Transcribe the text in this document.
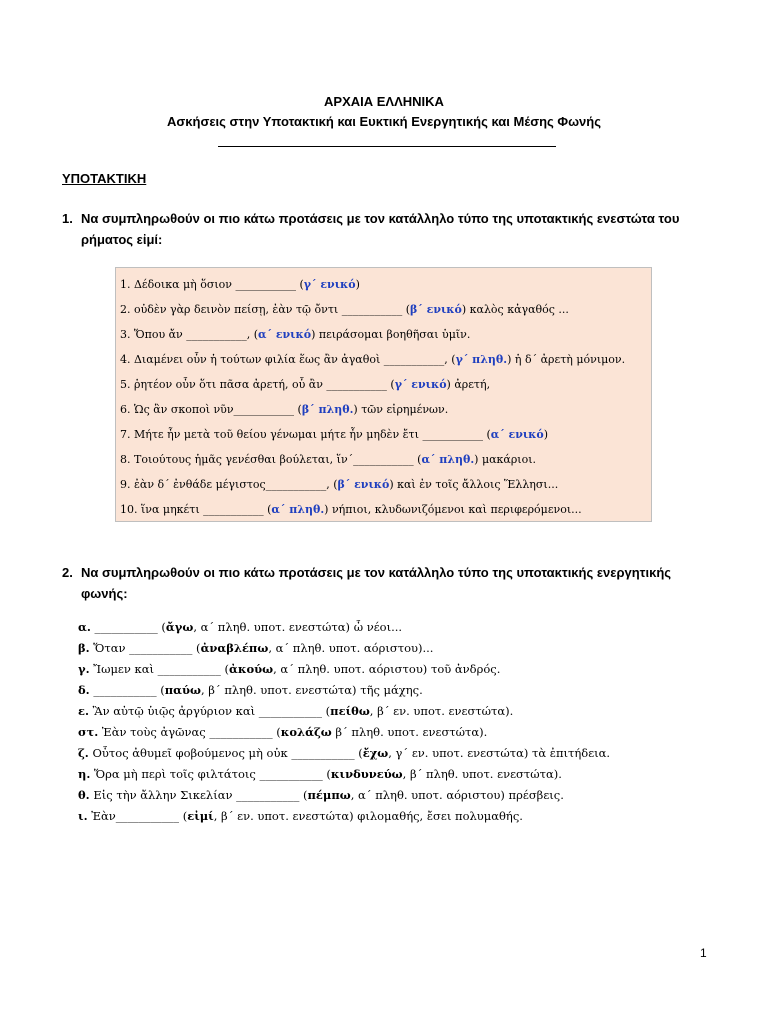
ΑΡΧΑΙΑ ΕΛΛΗΝΙΚΑ
Ασκήσεις στην Υποτακτική και Ευκτική Ενεργητικής και Μέσης Φωνής
ΥΠΟΤΑΚΤΙΚΗ
1. Να συμπληρωθούν οι πιο κάτω προτάσεις με τον κατάλληλο τύπο της υποτακτικής ενεστώτα του ρήματος εἰμί:
1. Δέδοικα μὴ ὅσιον ___________ (γ΄ ενικό)
2. οὐδὲν γὰρ δεινὸν πείσῃ, ἐὰν τῷ ὄντι ___________ (β΄ ενικό) καλὸς κἀγαθός ...
3. Ὅπου ἄν ___________, (α΄ ενικό) πειράσομαι βοηθῆσαι ὑμῖν.
4. Διαμένει οὖν ἡ τούτων φιλία ἕως ἂν ἀγαθοὶ ___________, (γ΄ πληθ.) ἡ δ΄ ἀρετὴ μόνιμον.
5. ῥητέον οὖν ὅτι πᾶσα ἀρετή, οὗ ἂν ___________ (γ΄ ενικό) ἀρετή,
6. Ὡς ἂν σκοποὶ νῦν___________ (β΄ πληθ.) τῶν εἰρημένων.
7. Μήτε ἦν μετὰ τοῦ θείου γένωμαι μήτε ἦν μηδὲν ἔτι ___________ (α΄ ενικό)
8. Τοιούτους ἡμᾶς γενέσθαι βούλεται, ἵν΄___________ (α΄ πληθ.) μακάριοι.
9. ἐὰν δ΄ ἐνθάδε μέγιστος___________, (β΄ ενικό) καὶ ἐν τοῖς ἄλλοις Ἕλλησι...
10. ἵνα μηκέτι ___________ (α΄ πληθ.) νήπιοι, κλυδωνιζόμενοι καὶ περιφερόμενοι...
2. Να συμπληρωθούν οι πιο κάτω προτάσεις με τον κατάλληλο τύπο της υποτακτικής ενεργητικής φωνής:
α. ___________ (ἄγω, α΄ πληθ. υποτ. ενεστώτα) ὦ νέοι...
β. Ὅταν ___________ (ἀναβλέπω, α΄ πληθ. υποτ. αόριστου)...
γ. Ἴωμεν καὶ ___________ (ἀκούω, α΄ πληθ. υποτ. αόριστου) τοῦ ἀνδρός.
δ. ___________ (παύω, β΄ πληθ. υποτ. ενεστώτα) τῆς μάχης.
ε. Ἂν αὐτῷ ὑιῷς ἀργύριον καὶ ___________ (πείθω, β΄ εν. υποτ. ενεστώτα).
στ. Ἐὰν τοὺς ἀγῶνας ___________ (κολάζω β΄ πληθ. υποτ. ενεστώτα).
ζ. Οὗτος ἀθυμεῖ φοβούμενος μὴ οὐκ ___________ (ἔχω, γ΄ εν. υποτ. ενεστώτα) τὰ ἐπιτήδεια.
η. Ὅρα μὴ περὶ τοῖς φιλτάτοις ___________ (κινδυνεύω, β΄ πληθ. υποτ. ενεστώτα).
θ. Εἰς τὴν ἄλλην Σικελίαν ___________ (πέμπω, α΄ πληθ. υποτ. αόριστου) πρέσβεις.
ι. Ἐὰν___________ (εἰμί, β΄ εν. υποτ. ενεστώτα) φιλομαθής, ἔσει πολυμαθής.
1
